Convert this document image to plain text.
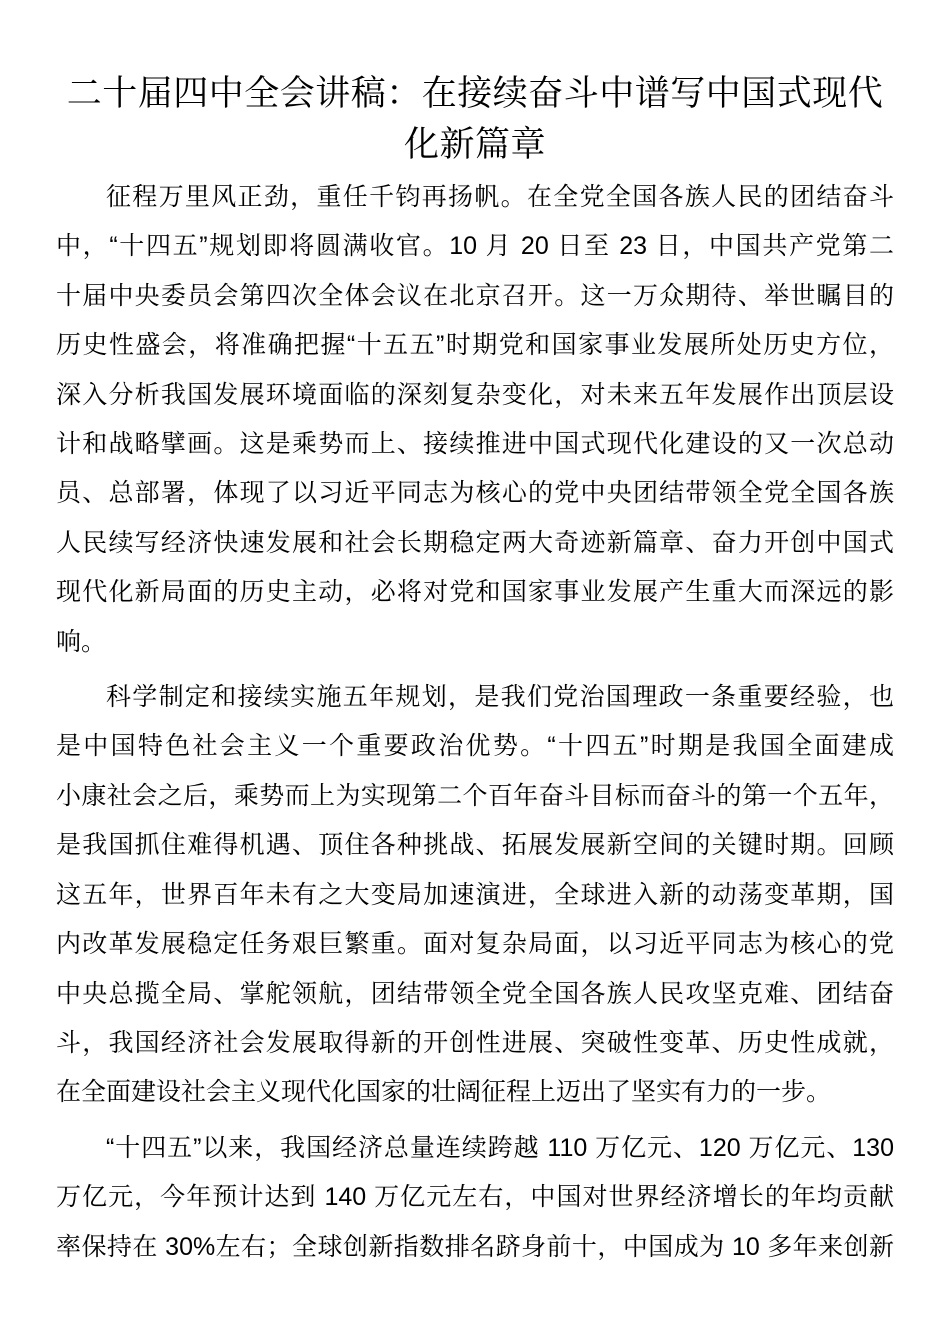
二十届四中全会讲稿：在接续奋斗中谱写中国式现代
化新篇章

征程万里风正劲，重任千钧再扬帆。在全党全国各族人民的团结奋斗
中，“十四五”规划即将圆满收官。10 月 20 日至 23 日，中国共产党第二
十届中央委员会第四次全体会议在北京召开。这一万众期待、举世瞩目的
历史性盛会，将准确把握“十五五”时期党和国家事业发展所处历史方位，
深入分析我国发展环境面临的深刻复杂变化，对未来五年发展作出顶层设
计和战略擘画。这是乘势而上、接续推进中国式现代化建设的又一次总动
员、总部署，体现了以习近平同志为核心的党中央团结带领全党全国各族
人民续写经济快速发展和社会长期稳定两大奇迹新篇章、奋力开创中国式
现代化新局面的历史主动，必将对党和国家事业发展产生重大而深远的影
响。

科学制定和接续实施五年规划，是我们党治国理政一条重要经验，也
是中国特色社会主义一个重要政治优势。“十四五”时期是我国全面建成
小康社会之后，乘势而上为实现第二个百年奋斗目标而奋斗的第一个五年，
是我国抓住难得机遇、顶住各种挑战、拓展发展新空间的关键时期。回顾
这五年，世界百年未有之大变局加速演进，全球进入新的动荡变革期，国
内改革发展稳定任务艰巨繁重。面对复杂局面，以习近平同志为核心的党
中央总揽全局、掌舵领航，团结带领全党全国各族人民攻坚克难、团结奋
斗，我国经济社会发展取得新的开创性进展、突破性变革、历史性成就，
在全面建设社会主义现代化国家的壮阔征程上迈出了坚实有力的一步。

“十四五”以来，我国经济总量连续跨越 110 万亿元、120 万亿元、130
万亿元，今年预计达到 140 万亿元左右，中国对世界经济增长的年均贡献
率保持在 30%左右；全球创新指数排名跻身前十，中国成为 10 多年来创新
